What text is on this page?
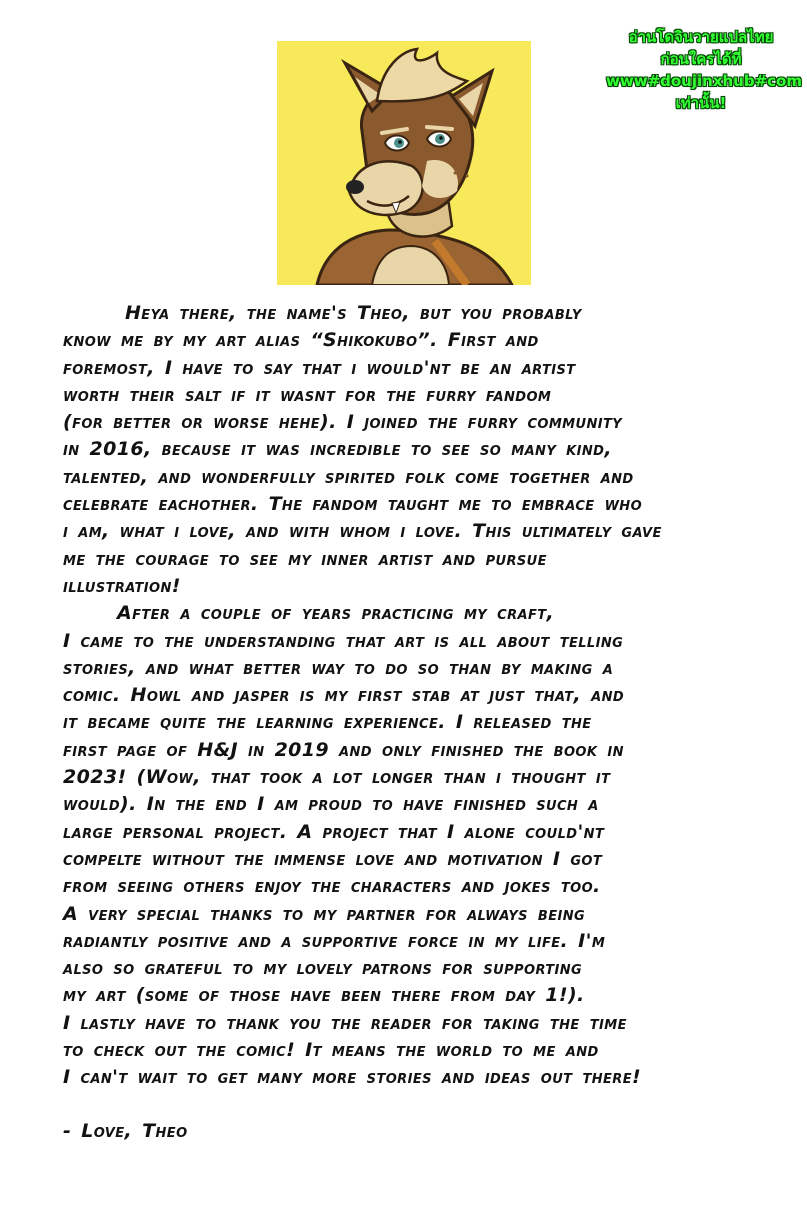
อ่านโดจินวายแปลไทย
ก่อนใครได้ที่
www#doujinxhub#com
เท่านั้น!
Heya there, the name's Theo, but you probably
know me by my art alias “Shikokubo”. First and
foremost, I have to say that i would'nt be an artist
worth their salt if it wasnt for the furry fandom
(for better or worse hehe). I joined the furry community
in 2016, because it was incredible to see so many kind,
talented, and wonderfully spirited folk come together and
celebrate eachother. The fandom taught me to embrace who
i am, what i love, and with whom i love. This ultimately gave
me the courage to see my inner artist and pursue
illustration!
After a couple of years practicing my craft,
I came to the understanding that art is all about telling
stories, and what better way to do so than by making a
comic. Howl and jasper is my first stab at just that, and
it became quite the learning experience. I released the
first page of H&J in 2019 and only finished the book in
2023! (Wow, that took a lot longer than i thought it
would). In the end I am proud to have finished such a
large personal project. A project that I alone could'nt
compelte without the immense love and motivation I got
from seeing others enjoy the characters and jokes too.
A very special thanks to my partner for always being
radiantly positive and a supportive force in my life. I'm
also so grateful to my lovely patrons for supporting
my art (some of those have been there from day 1!).
I lastly have to thank you the reader for taking the time
to check out the comic! It means the world to me and
I can't wait to get many more stories and ideas out there!
- Love, Theo
